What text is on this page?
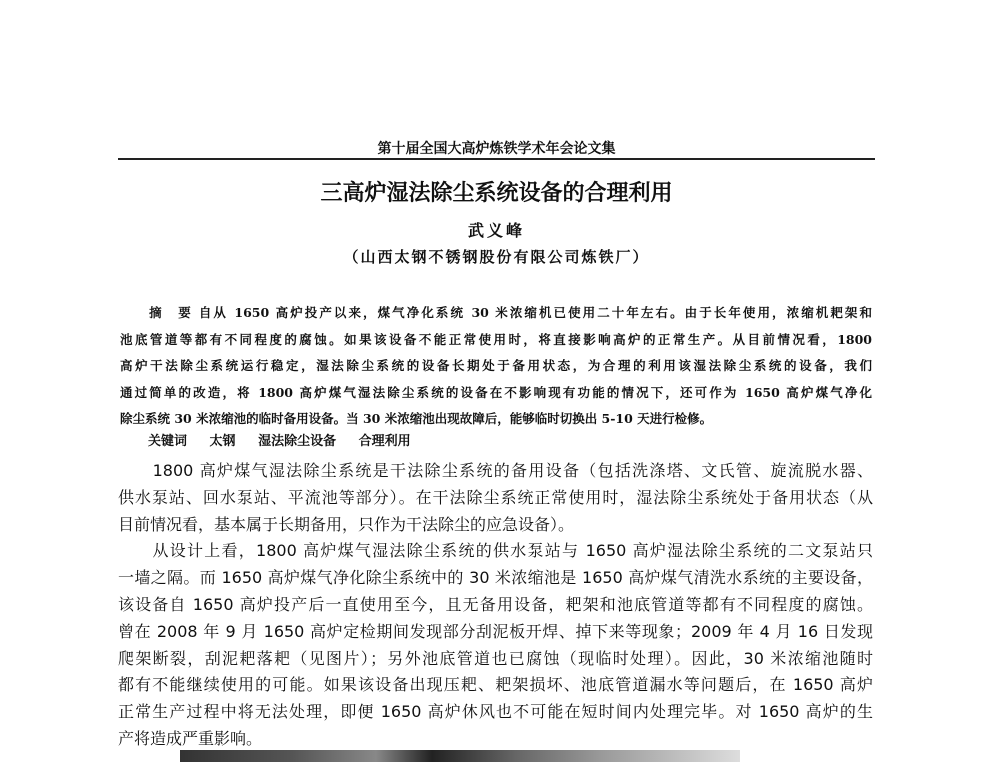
第十届全国大高炉炼铁学术年会论文集
三高炉湿法除尘系统设备的合理利用
武义峰
（山西太钢不锈钢股份有限公司炼铁厂）
　　摘　要 自从 1650 高炉投产以来，煤气净化系统 30 米浓缩机已使用二十年左右。由于长年使用，浓缩机耙架和
池底管道等都有不同程度的腐蚀。如果该设备不能正常使用时，将直接影响高炉的正常生产。从目前情况看，1800
高炉干法除尘系统运行稳定，湿法除尘系统的设备长期处于备用状态，为合理的利用该湿法除尘系统的设备，我们
通过简单的改造，将 1800 高炉煤气湿法除尘系统的设备在不影响现有功能的情况下，还可作为 1650 高炉煤气净化
除尘系统 30 米浓缩池的临时备用设备。当 30 米浓缩池出现故障后，能够临时切换出 5-10 天进行检修。
关键词 太钢 湿法除尘设备 合理利用
　　1800 高炉煤气湿法除尘系统是干法除尘系统的备用设备（包括洗涤塔、文氏管、旋流脱水器、
供水泵站、回水泵站、平流池等部分）。在干法除尘系统正常使用时，湿法除尘系统处于备用状态（从
目前情况看，基本属于长期备用，只作为干法除尘的应急设备）。
　　从设计上看，1800 高炉煤气湿法除尘系统的供水泵站与 1650 高炉湿法除尘系统的二文泵站只
一墙之隔。而 1650 高炉煤气净化除尘系统中的 30 米浓缩池是 1650 高炉煤气清洗水系统的主要设备，
该设备自 1650 高炉投产后一直使用至今，且无备用设备，耙架和池底管道等都有不同程度的腐蚀。
曾在 2008 年 9 月 1650 高炉定检期间发现部分刮泥板开焊、掉下来等现象；2009 年 4 月 16 日发现
爬架断裂，刮泥耙落耙（见图片）；另外池底管道也已腐蚀（现临时处理）。因此，30 米浓缩池随时
都有不能继续使用的可能。如果该设备出现压耙、耙架损坏、池底管道漏水等问题后，在 1650 高炉
正常生产过程中将无法处理，即便 1650 高炉休风也不可能在短时间内处理完毕。对 1650 高炉的生
产将造成严重影响。
